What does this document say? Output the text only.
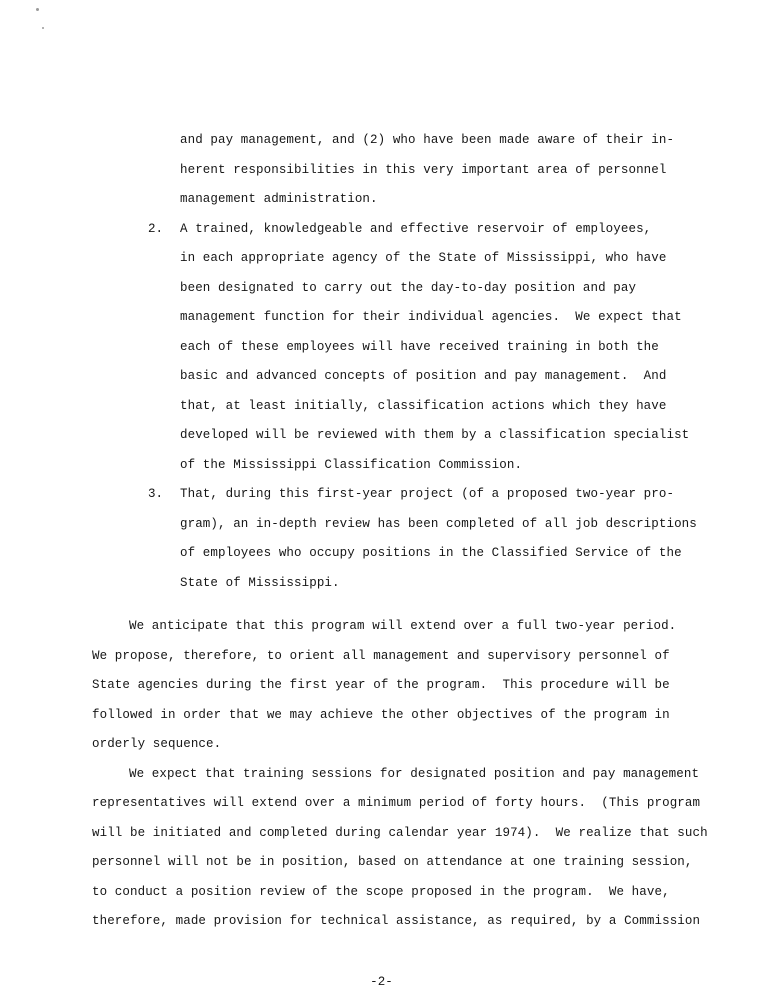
and pay management, and (2) who have been made aware of their in-
herent responsibilities in this very important area of personnel
management administration.
2.	A trained, knowledgeable and effective reservoir of employees,
in each appropriate agency of the State of Mississippi, who have
been designated to carry out the day-to-day position and pay
management function for their individual agencies.  We expect that
each of these employees will have received training in both the
basic and advanced concepts of position and pay management.  And
that, at least initially, classification actions which they have
developed will be reviewed with them by a classification specialist
of the Mississippi Classification Commission.
3.	That, during this first-year project (of a proposed two-year pro-
gram), an in-depth review has been completed of all job descriptions
of employees who occupy positions in the Classified Service of the
State of Mississippi.
We anticipate that this program will extend over a full two-year period.
We propose, therefore, to orient all management and supervisory personnel of
State agencies during the first year of the program.  This procedure will be
followed in order that we may achieve the other objectives of the program in
orderly sequence.
We expect that training sessions for designated position and pay management
representatives will extend over a minimum period of forty hours.  (This program
will be initiated and completed during calendar year 1974).  We realize that such
personnel will not be in position, based on attendance at one training session,
to conduct a position review of the scope proposed in the program.  We have,
therefore, made provision for technical assistance, as required, by a Commission
-2-
